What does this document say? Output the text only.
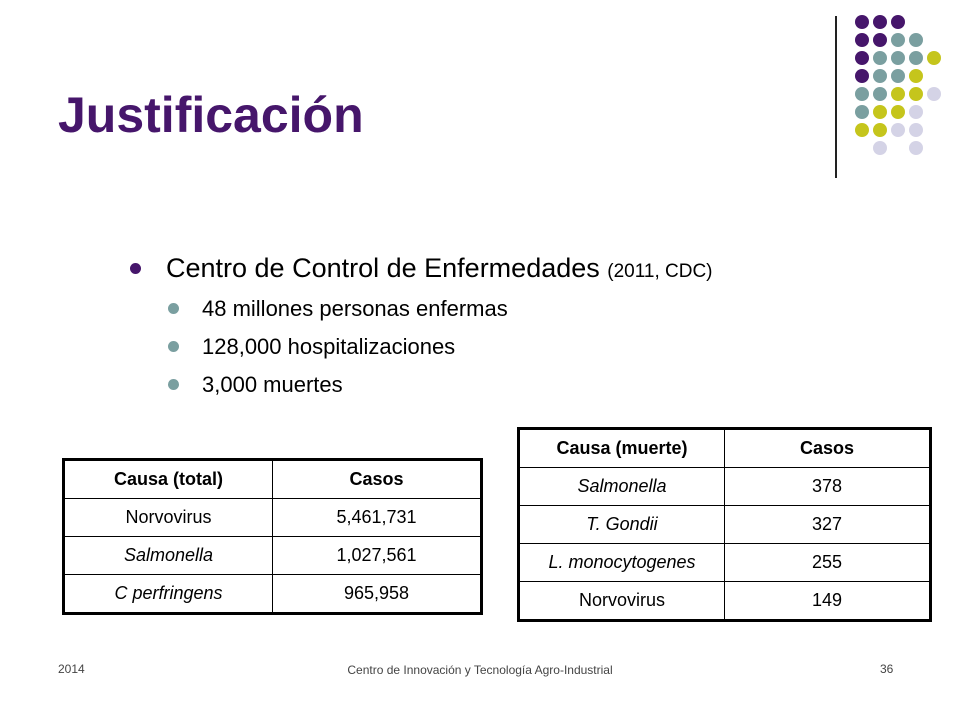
Justificación
Centro de Control de Enfermedades (2011, CDC)
48 millones personas enfermas
128,000 hospitalizaciones
3,000 muertes
Causa (total)	Casos
Norvovirus	5,461,731
Salmonella	1,027,561
C perfringens	965,958
Causa (muerte)	Casos
Salmonella	378
T. Gondii	327
L. monocytogenes	255
Norvovirus	149
2014	Centro de Innovación y Tecnología Agro-Industrial	36
